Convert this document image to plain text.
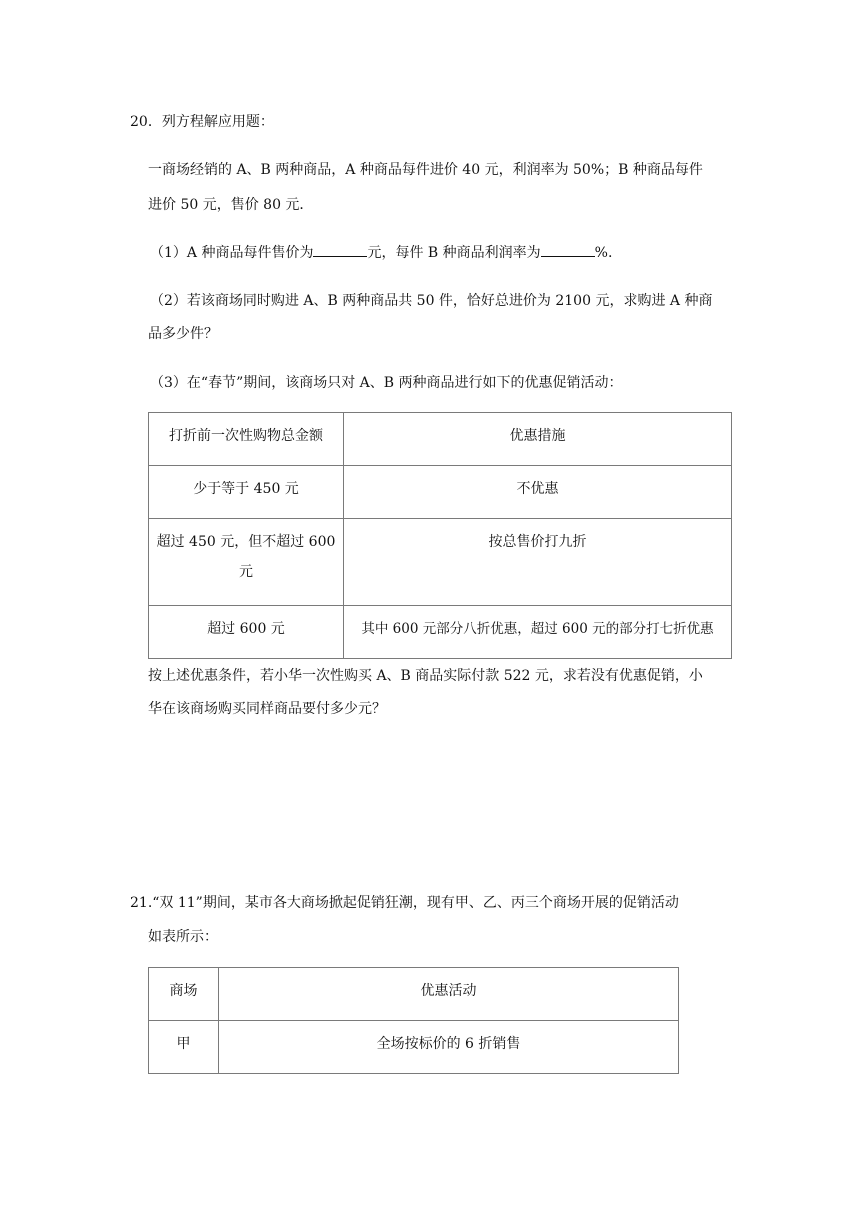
20．列方程解应用题：
一商场经销的 A、B 两种商品，A 种商品每件进价 40 元，利润率为 50%；B 种商品每件
进价 50 元，售价 80 元．
（1）A 种商品每件售价为	元，每件 B 种商品利润率为	%.
（2）若该商场同时购进 A、B 两种商品共 50 件，恰好总进价为 2100 元，求购进 A 种商
品多少件？
（3）在“春节”期间，该商场只对 A、B 两种商品进行如下的优惠促销活动：
打折前一次性购物总金额	优惠措施
少于等于 450 元	不优惠
超过 450 元，但不超过 600 元	按总售价打九折
超过 600 元	其中 600 元部分八折优惠，超过 600 元的部分打七折优惠
按上述优惠条件，若小华一次性购买 A、B 商品实际付款 522 元，求若没有优惠促销，小
华在该商场购买同样商品要付多少元？
21.“双 11”期间，某市各大商场掀起促销狂潮，现有甲、乙、丙三个商场开展的促销活动
如表所示：
商场	优惠活动
甲	全场按标价的 6 折销售
